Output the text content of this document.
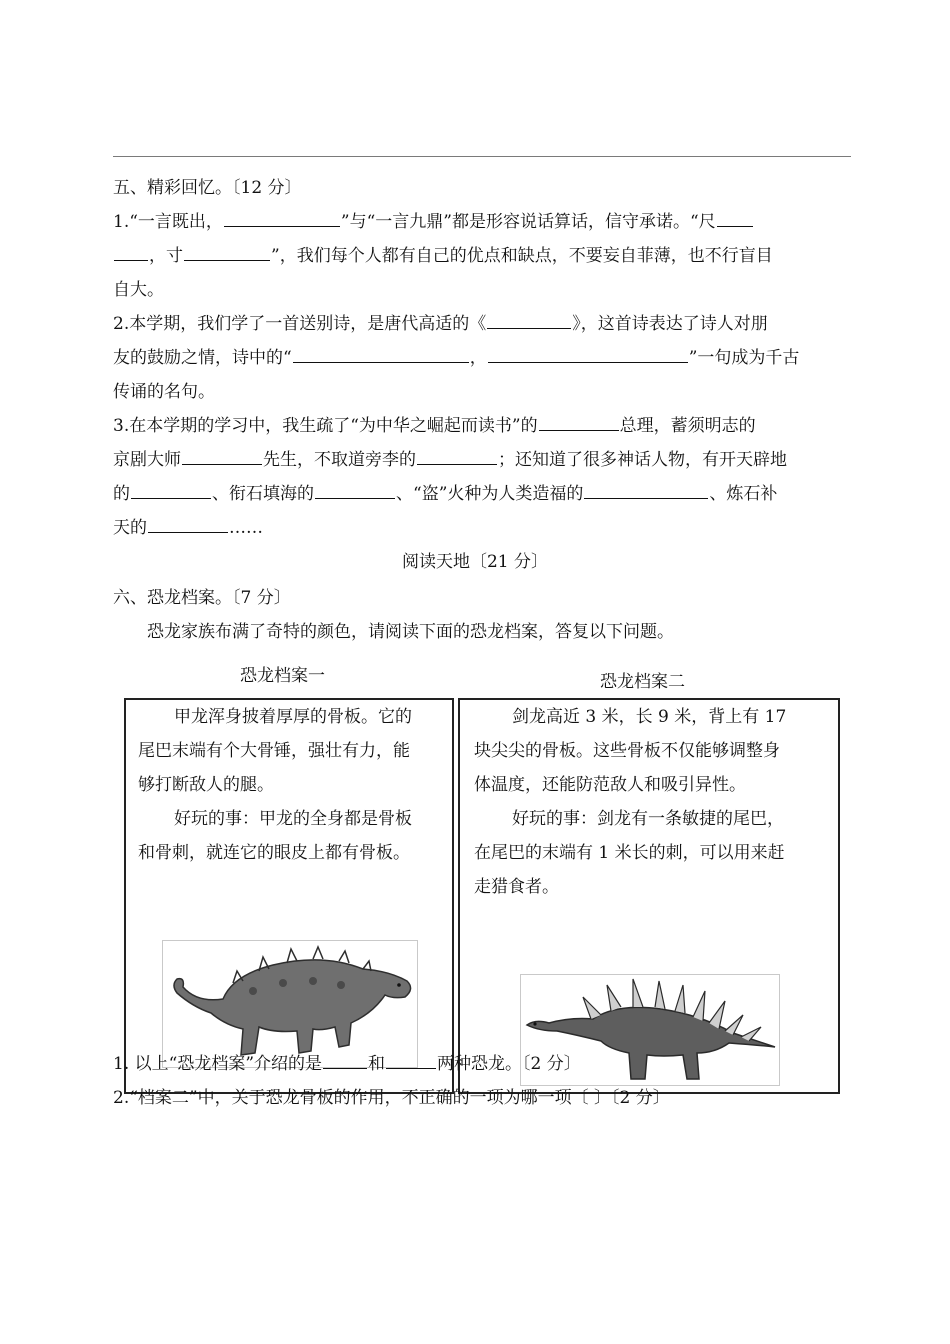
五、精彩回忆。〔12 分〕
1.“一言既出，	”与“一言九鼎”都是形容说话算话，信守承诺。“尺
，寸	”，我们每个人都有自己的优点和缺点，不要妄自菲薄，也不行盲目
自大。
2.本学期，我们学了一首送别诗，是唐代高适的《	》，这首诗表达了诗人对朋
友的鼓励之情，诗中的“	，	”一句成为千古
传诵的名句。
3.在本学期的学习中，我生疏了“为中华之崛起而读书”的	总理，蓄须明志的
京剧大师	先生，不取道旁李的	；还知道了很多神话人物，有开天辟地
的	、衔石填海的	、“盗”火种为人类造福的	、炼石补
天的	……
阅读天地〔21 分〕
六、恐龙档案。〔7 分〕
恐龙家族布满了奇特的颜色，请阅读下面的恐龙档案，答复以下问题。
恐龙档案一	恐龙档案二
甲龙浑身披着厚厚的骨板。它的
尾巴末端有个大骨锤，强壮有力，能
够打断敌人的腿。
好玩的事：甲龙的全身都是骨板
和骨刺，就连它的眼皮上都有骨板。
剑龙高近 3 米，长 9 米，背上有 17
块尖尖的骨板。这些骨板不仅能够调整身
体温度，还能防范敌人和吸引异性。
好玩的事：剑龙有一条敏捷的尾巴，
在尾巴的末端有 1 米长的刺，可以用来赶
走猎食者。
1. 以上“恐龙档案”介绍的是	和	两种恐龙。〔2 分〕
2.“档案二”中，关于恐龙骨板的作用，不正确的一项为哪一项〔 〕〔2 分〕
